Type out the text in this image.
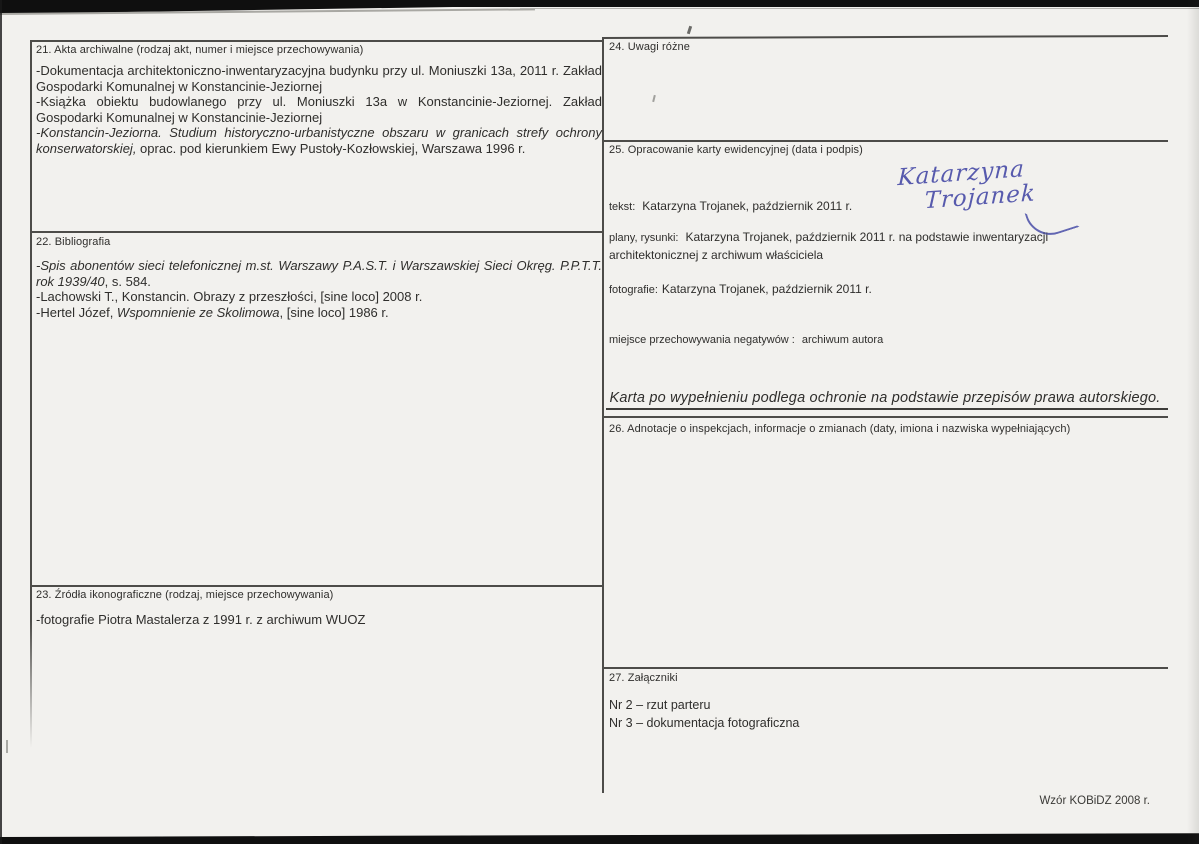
21. Akta archiwalne (rodzaj akt, numer i miejsce przechowywania)

-Dokumentacja architektoniczno-inwentaryzacyjna budynku przy ul. Moniuszki 13a, 2011 r. Zakład Gospodarki Komunalnej w Konstancinie-Jeziornej

-Książka obiektu budowlanego przy ul. Moniuszki 13a w Konstancinie-Jeziornej. Zakład Gospodarki Komunalnej w Konstancinie-Jeziornej

-Konstancin-Jeziorna. Studium historyczno-urbanistyczne obszaru w granicach strefy ochrony konserwatorskiej, oprac. pod kierunkiem Ewy Pustoły-Kozłowskiej, Warszawa 1996 r.

22. Bibliografia

-Spis abonentów sieci telefonicznej m.st. Warszawy P.A.S.T. i Warszawskiej Sieci Okręg. P.P.T.T. rok 1939/40, s. 584.

-Lachowski T., Konstancin. Obrazy z przeszłości, [sine loco] 2008 r.

-Hertel Józef, Wspomnienie ze Skolimowa, [sine loco] 1986 r.

23. Źródła ikonograficzne (rodzaj, miejsce przechowywania)
-fotografie Piotra Mastalerza z 1991 r. z archiwum WUOZ
24. Uwagi różne
25. Opracowanie karty ewidencyjnej (data i podpis)
tekst: Katarzyna Trojanek, październik 2011 r.
Katarzyna
Trojanek
plany, rysunki: Katarzyna Trojanek, październik 2011 r. na podstawie inwentaryzacji architektonicznej z archiwum właściciela
fotografie: Katarzyna Trojanek, październik 2011 r.
miejsce przechowywania negatywów : archiwum autora
Karta po wypełnieniu podlega ochronie na podstawie przepisów prawa autorskiego.
26. Adnotacje o inspekcjach, informacje o zmianach (daty, imiona i nazwiska wypełniających)
27. Załączniki
Nr 2 – rzut parteru
Nr 3 – dokumentacja fotograficzna
Wzór KOBiDZ 2008 r.
